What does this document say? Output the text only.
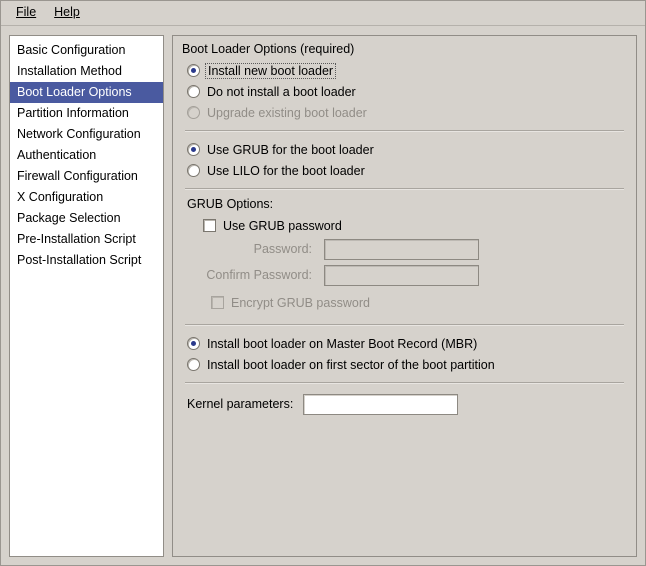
File	Help
Basic Configuration
Installation Method
Boot Loader Options
Partition Information
Network Configuration
Authentication
Firewall Configuration
X Configuration
Package Selection
Pre-Installation Script
Post-Installation Script
Boot Loader Options (required)
Install new boot loader
Do not install a boot loader
Upgrade existing boot loader
Use GRUB for the boot loader
Use LILO for the boot loader
GRUB Options:
Use GRUB password
Password:
Confirm Password:
Encrypt GRUB password
Install boot loader on Master Boot Record (MBR)
Install boot loader on first sector of the boot partition
Kernel parameters:
